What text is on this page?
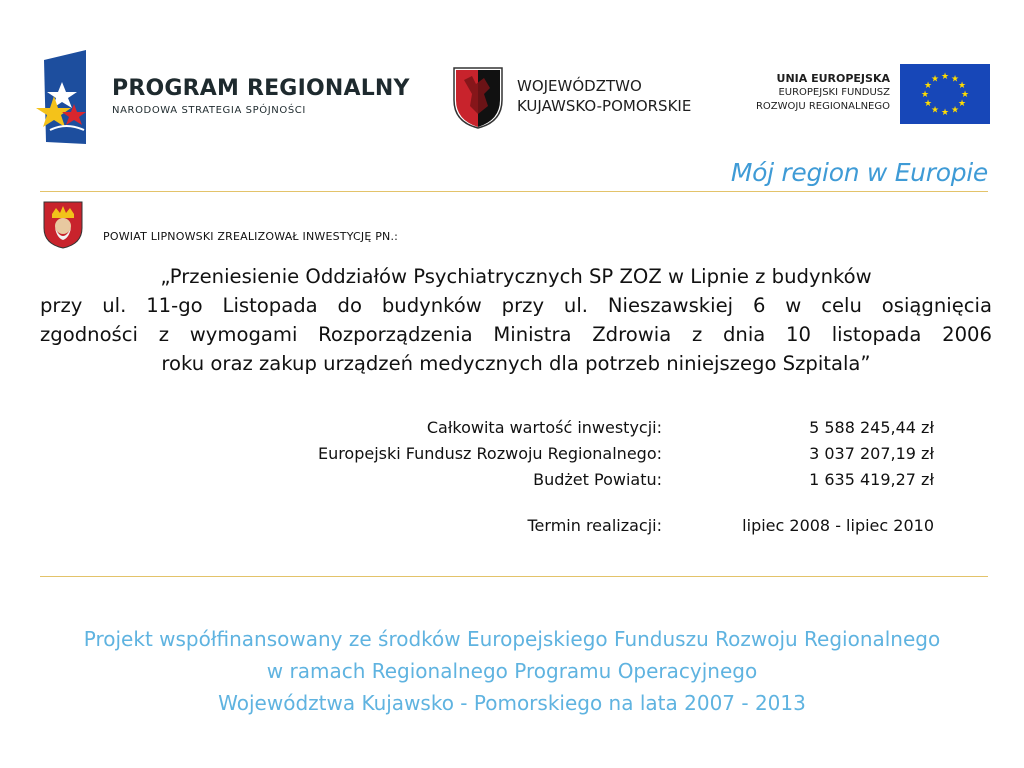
PROGRAM REGIONALNY
NARODOWA STRATEGIA SPÓJNOŚCI
WOJEWÓDZTWO
KUJAWSKO-POMORSKIE
UNIA EUROPEJSKA
EUROPEJSKI FUNDUSZ
ROZWOJU REGIONALNEGO
★ ★
★
★
★
★
★
★
★
★
★
★
Mój region w Europie
POWIAT LIPNOWSKI ZREALIZOWAŁ INWESTYCJĘ PN.:
„Przeniesienie Oddziałów Psychiatrycznych SP ZOZ w Lipnie z budynków
przy ul. 11-go Listopada do budynków przy ul. Nieszawskiej 6 w celu osiągnięcia
zgodności z wymogami Rozporządzenia Ministra Zdrowia z dnia 10 listopada 2006
roku oraz zakup urządzeń medycznych dla potrzeb niniejszego Szpitala”
Całkowita wartość inwestycji:	5 588 245,44 zł
Europejski Fundusz Rozwoju Regionalnego:	3 037 207,19 zł
Budżet Powiatu:	1 635 419,27 zł
Termin realizacji:	lipiec 2008 - lipiec 2010
Projekt współfinansowany ze środków Europejskiego Funduszu Rozwoju Regionalnego
w ramach Regionalnego Programu Operacyjnego
Województwa Kujawsko - Pomorskiego na lata 2007 - 2013
